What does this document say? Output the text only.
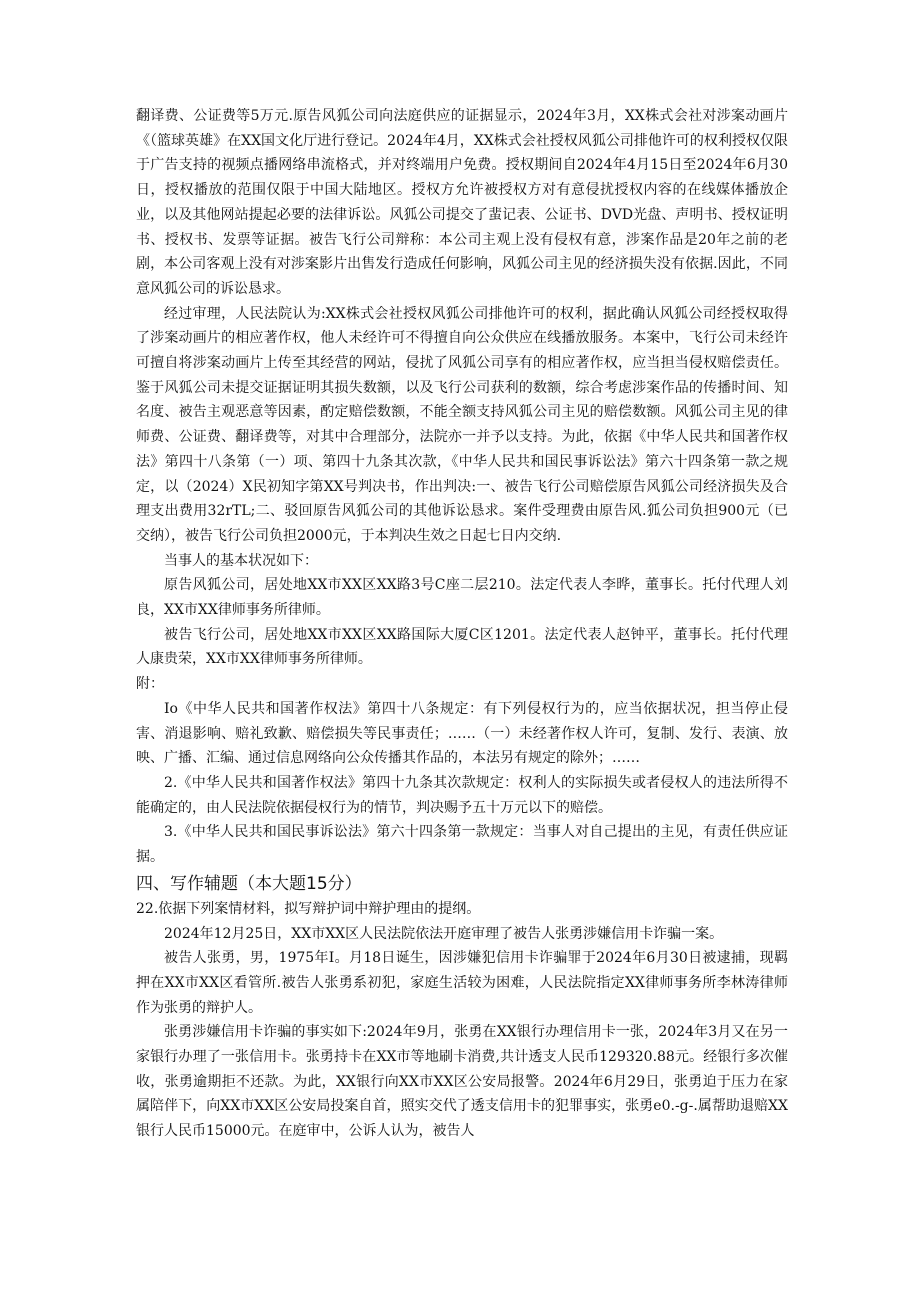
翻译费、公证费等5万元.原告风狐公司向法庭供应的证据显示，2024年3月，XX株式会社对涉案动画片《（篮球英雄》在XX国文化厅进行登记。2024年4月，XX株式会社授权风狐公司排他许可的权利授权仅限于广告支持的视频点播网络串流格式，并对终端用户免费。授权期间自2024年4月15日至2024年6月30日，授权播放的范围仅限于中国大陆地区。授权方允许被授权方对有意侵扰授权内容的在线媒体播放企业，以及其他网站提起必要的法律诉讼。风狐公司提交了蜚记表、公证书、DVD光盘、声明书、授权证明书、授权书、发票等证据。被告飞行公司辩称：本公司主观上没有侵权有意，涉案作品是20年之前的老剧，本公司客观上没有对涉案影片出售发行造成任何影响，风狐公司主见的经济损失没有依据.因此，不同意风狐公司的诉讼恳求。

经过审理，人民法院认为:XX株式会社授权风狐公司排他许可的权利，据此确认风狐公司经授权取得了涉案动画片的相应著作权，他人未经许可不得擅自向公众供应在线播放服务。本案中，飞行公司未经许可擅自将涉案动画片上传至其经营的网站，侵扰了风狐公司享有的相应著作权，应当担当侵权赔偿责任。鉴于风狐公司未提交证据证明其损失数额，以及飞行公司获利的数额，综合考虑涉案作品的传播时间、知名度、被告主观恶意等因素，酌定赔偿数额，不能全额支持风狐公司主见的赔偿数额。风狐公司主见的律师费、公证费、翻译费等，对其中合理部分，法院亦一并予以支持。为此，依据《中华人民共和国著作权法》第四十八条第（一）项、第四十九条其次款，《中华人民共和国民事诉讼法》第六十四条第一款之规定，以（2024）X民初知字第XX号判决书，作出判决:一、被告飞行公司赔偿原告风狐公司经济损失及合理支出费用32rTL;二、驳回原告风狐公司的其他诉讼恳求。案件受理费由原告风.狐公司负担900元（已交纳），被告飞行公司负担2000元，于本判决生效之日起七日内交纳.

当事人的基本状况如下：

原告风狐公司，居处地XX市XX区XX路3号C座二层210。法定代表人李晔，董事长。托付代理人刘良，XX市XX律师事务所律师。

被告飞行公司，居处地XX市XX区XX路国际大厦C区1201。法定代表人赵钟平，董事长。托付代理人康贵荣，XX市XX律师事务所律师。

附：

Io《中华人民共和国著作权法》第四十八条规定：有下列侵权行为的，应当依据状况，担当停止侵害、消退影响、赔礼致歉、赔偿损失等民事责任；……（一）未经著作权人许可，复制、发行、表演、放映、广播、汇编、通过信息网络向公众传播其作品的，本法另有规定的除外；……

2.《中华人民共和国著作权法》第四十九条其次款规定：权利人的实际损失或者侵权人的违法所得不能确定的，由人民法院依据侵权行为的情节，判决赐予五十万元以下的赔偿。

3.《中华人民共和国民事诉讼法》第六十四条第一款规定：当事人对自己提出的主见，有责任供应证据。

四、写作辅题（本大题15分）

22.依据下列案情材料，拟写辩护词中辩护理由的提纲。

2024年12月25日，XX市XX区人民法院依法开庭审理了被告人张勇涉嫌信用卡诈骗一案。

被告人张勇，男，1975年I。月18日诞生，因涉嫌犯信用卡诈骗罪于2024年6月30日被逮捕，现羁押在XX市XX区看管所.被告人张勇系初犯，家庭生活较为困难，人民法院指定XX律师事务所李林涛律师作为张勇的辩护人。

张勇涉嫌信用卡诈骗的事实如下:2024年9月，张勇在XX银行办理信用卡一张，2024年3月又在另一家银行办理了一张信用卡。张勇持卡在XX市等地刷卡消费,共计透支人民币129320.88元。经银行多次催收，张勇逾期拒不还款。为此，XX银行向XX市XX区公安局报警。2024年6月29日，张勇迫于压力在家属陪伴下，向XX市XX区公安局投案自首，照实交代了透支信用卡的犯罪事实，张勇e0.-g-.属帮助退赔XX银行人民币15000元。在庭审中，公诉人认为，被告人
